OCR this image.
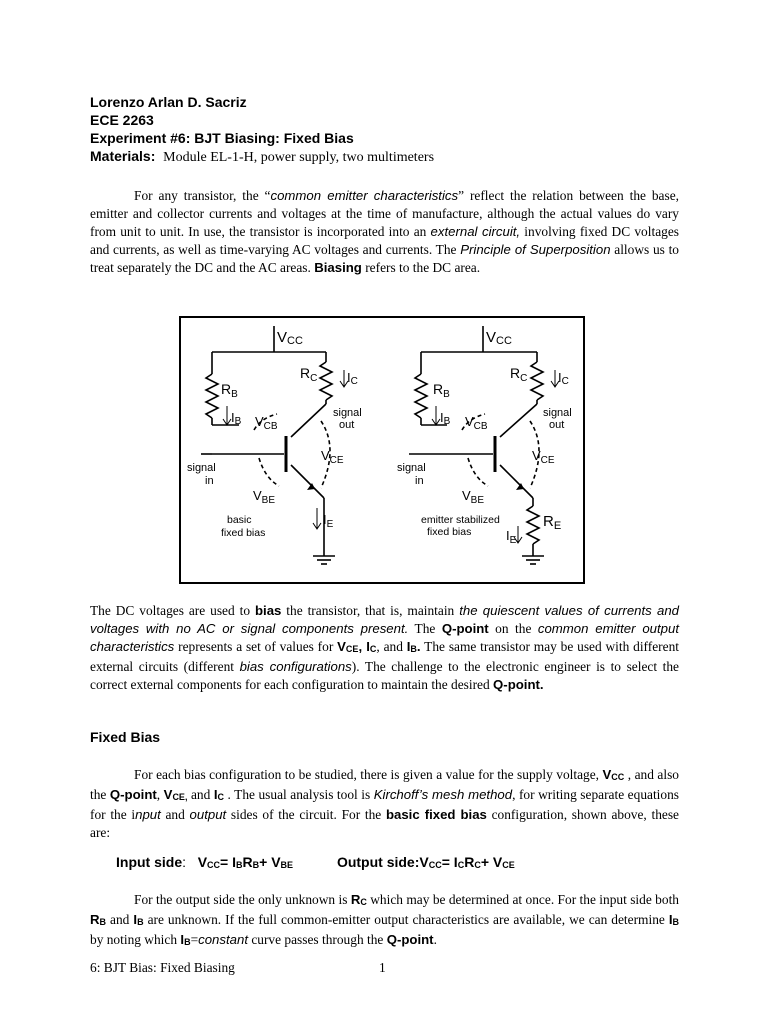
Lorenzo Arlan D. Sacriz
ECE 2263
Experiment #6: BJT Biasing: Fixed Bias
Materials: Module EL-1-H, power supply, two multimeters

For any transistor, the “common emitter characteristics” reflect the relation between the base, emitter and collector currents and voltages at the time of manufacture, although the actual values do vary from unit to unit. In use, the transistor is incorporated into an external circuit, involving fixed DC voltages and currents, as well as time-varying AC voltages and currents. The Principle of Superposition allows us to treat separately the DC and the AC areas. Biasing refers to the DC area.

VCC
$R_B$
$R_C$ IC
IB $V_{CB}$
$V_{CE}$
$V_{BE}$
$I_E$
signal
out
signal
in
basic
fixed bias
VCC
$R_B$
$R_C$ IC
IB $V_{CB}$
$V_{CE}$
$V_{BE}$
$I_E$
$R_E$
signal
out
signal
in
emitter stabilized
fixed bias

The DC voltages are used to bias the transistor, that is, maintain the quiescent values of currents and voltages with no AC or signal components present. The Q-point on the common emitter output characteristics represents a set of values for $V_{CE}$, $I_C$, and $I_B$. The same transistor may be used with different external circuits (different bias configurations). The challenge to the electronic engineer is to select the correct external components for each configuration to maintain the desired Q-point.

Fixed Bias

For each bias configuration to be studied, there is given a value for the supply voltage, $V_{CC}$ , and also the Q-point, $V_{CE,}$ and $I_C$ . The usual analysis tool is Kirchoff’s mesh method, for writing separate equations for the input and output sides of the circuit. For the basic fixed bias configuration, shown above, these are:

Input side: $V_{CC}= I_BR_B+ V_{BE}$	Output $side:V_{CC}= I_CR_C+ V_{CE}$

For the output side the only unknown is $R_C$ which may be determined at once. For the input side both $R_B$ and $I_B$ are unknown. If the full common-emitter output characteristics are available, we can determine $I_B$ by noting which $I_B=constant$ curve passes through the Q-point.

6: BJT Bias: Fixed Biasing	1
